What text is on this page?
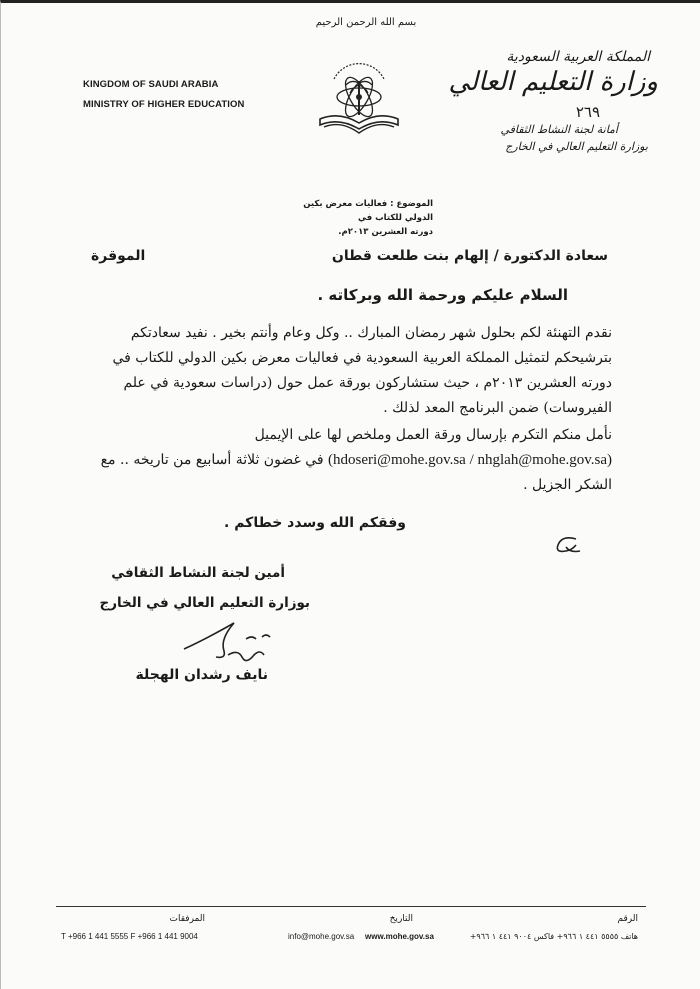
بسم الله الرحمن الرحيم
KINGDOM OF SAUDI ARABIA
MINISTRY OF HIGHER EDUCATION
المملكة العربية السعودية
وزارة التعليم العالي
٢٦٩
أمانة لجنة النشاط الثقافي
بوزارة التعليم العالي في الخارج
الموضوع : فعاليات معرض بكين الدولي للكتاب في
دورته العشرين ٢٠١٣م.
سعادة الدكتورة / إلهام بنت طلعت قطان
الموقرة
السلام عليكم ورحمة الله وبركاته .
نقدم التهنئة لكم بحلول شهر رمضان المبارك .. وكل وعام وأنتم بخير . نفيد سعادتكم بترشيحكم لتمثيل المملكة العربية السعودية في فعاليات معرض بكين الدولي للكتاب في دورته العشرين ٢٠١٣م ، حيث ستشاركون بورقة عمل حول (دراسات سعودية في علم الفيروسات) ضمن البرنامج المعد لذلك .
نأمل منكم التكرم بإرسال ورقة العمل وملخص لها على الإيميل (hdoseri@mohe.gov.sa / nhglah@mohe.gov.sa) في غضون ثلاثة أسابيع من تاريخه .. مع الشكر الجزيل .
وفقكم الله وسدد خطاكم .
أمين لجنة النشاط الثقافي
بوزارة التعليم العالي في الخارج
نايف رشدان الهجلة
الرقم
التاريخ
المرفقات
هاتف ٥٥٥٥ ٤٤١ ١ ٩٦٦+ فاكس ٩٠٠٤ ٤٤١ ١ ٩٦٦+
www.mohe.gov.sa
info@mohe.gov.sa
T +966 1 441 5555 F +966 1 441 9004
